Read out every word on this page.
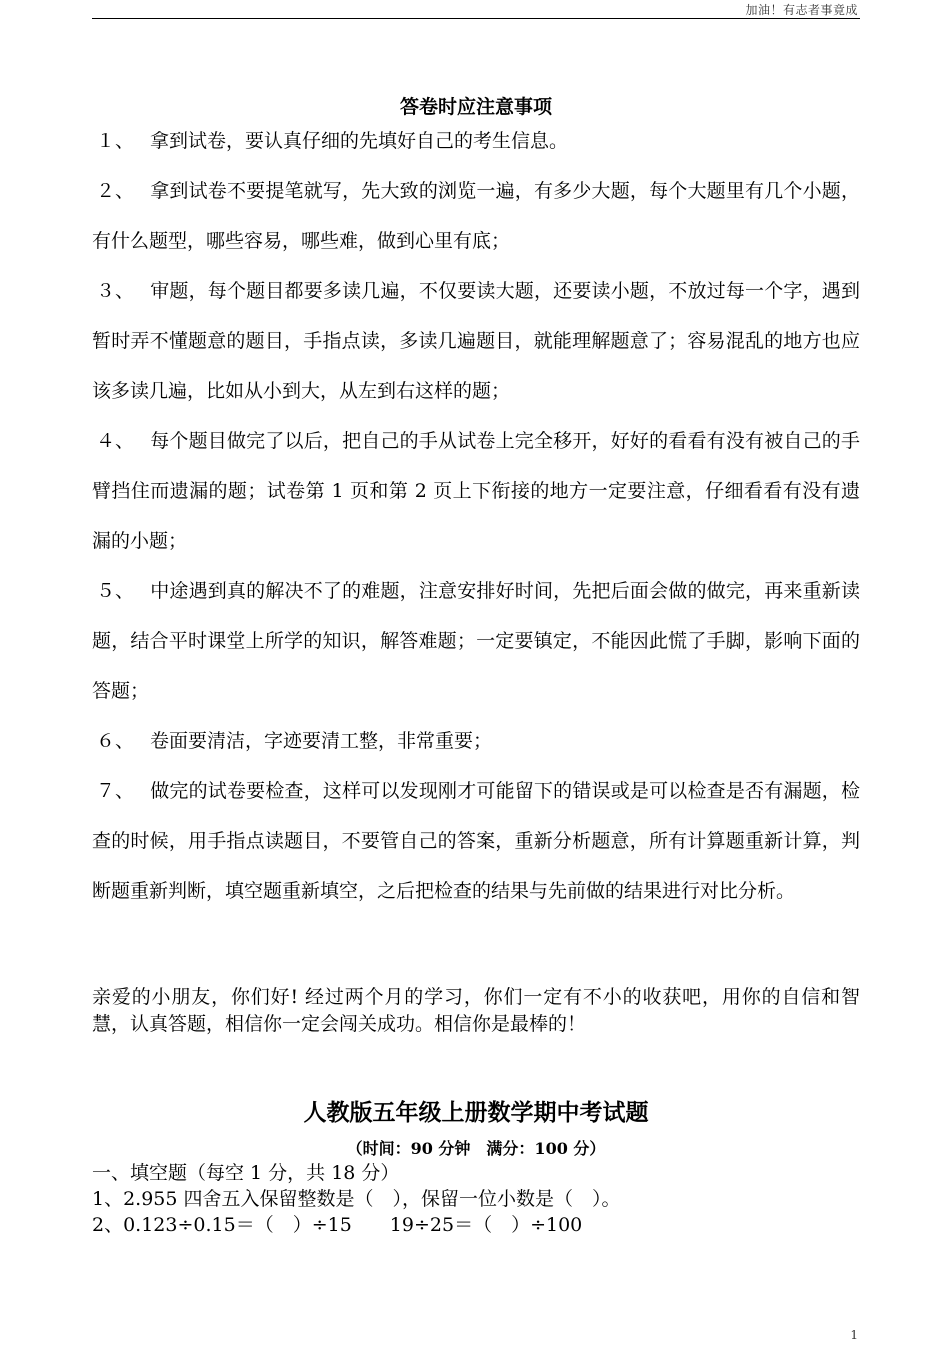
加油！有志者事竟成
答卷时应注意事项
１、 拿到试卷，要认真仔细的先填好自己的考生信息。
２、 拿到试卷不要提笔就写，先大致的浏览一遍，有多少大题，每个大题里有几个小题，有什么题型，哪些容易，哪些难，做到心里有底；
３、 审题，每个题目都要多读几遍，不仅要读大题，还要读小题，不放过每一个字，遇到暂时弄不懂题意的题目，手指点读，多读几遍题目，就能理解题意了；容易混乱的地方也应该多读几遍，比如从小到大，从左到右这样的题；
４、 每个题目做完了以后，把自己的手从试卷上完全移开，好好的看看有没有被自己的手臂挡住而遗漏的题；试卷第 1 页和第 2 页上下衔接的地方一定要注意，仔细看看有没有遗漏的小题；
５、 中途遇到真的解决不了的难题，注意安排好时间，先把后面会做的做完，再来重新读题，结合平时课堂上所学的知识，解答难题；一定要镇定，不能因此慌了手脚，影响下面的答题；
６、 卷面要清洁，字迹要清工整，非常重要；
７、 做完的试卷要检查，这样可以发现刚才可能留下的错误或是可以检查是否有漏题，检查的时候，用手指点读题目，不要管自己的答案，重新分析题意，所有计算题重新计算，判断题重新判断，填空题重新填空，之后把检查的结果与先前做的结果进行对比分析。
亲爱的小朋友，你们好! 经过两个月的学习，你们一定有不小的收获吧，用你的自信和智慧，认真答题，相信你一定会闯关成功。相信你是最棒的！
人教版五年级上册数学期中考试题
（时间：90 分钟　满分：100 分）
一、填空题（每空 1 分，共 18 分）
1、2.955 四舍五入保留整数是（　），保留一位小数是（　）。
2、0.123÷0.15＝（　）÷15　　19÷25＝（　）÷100
1
